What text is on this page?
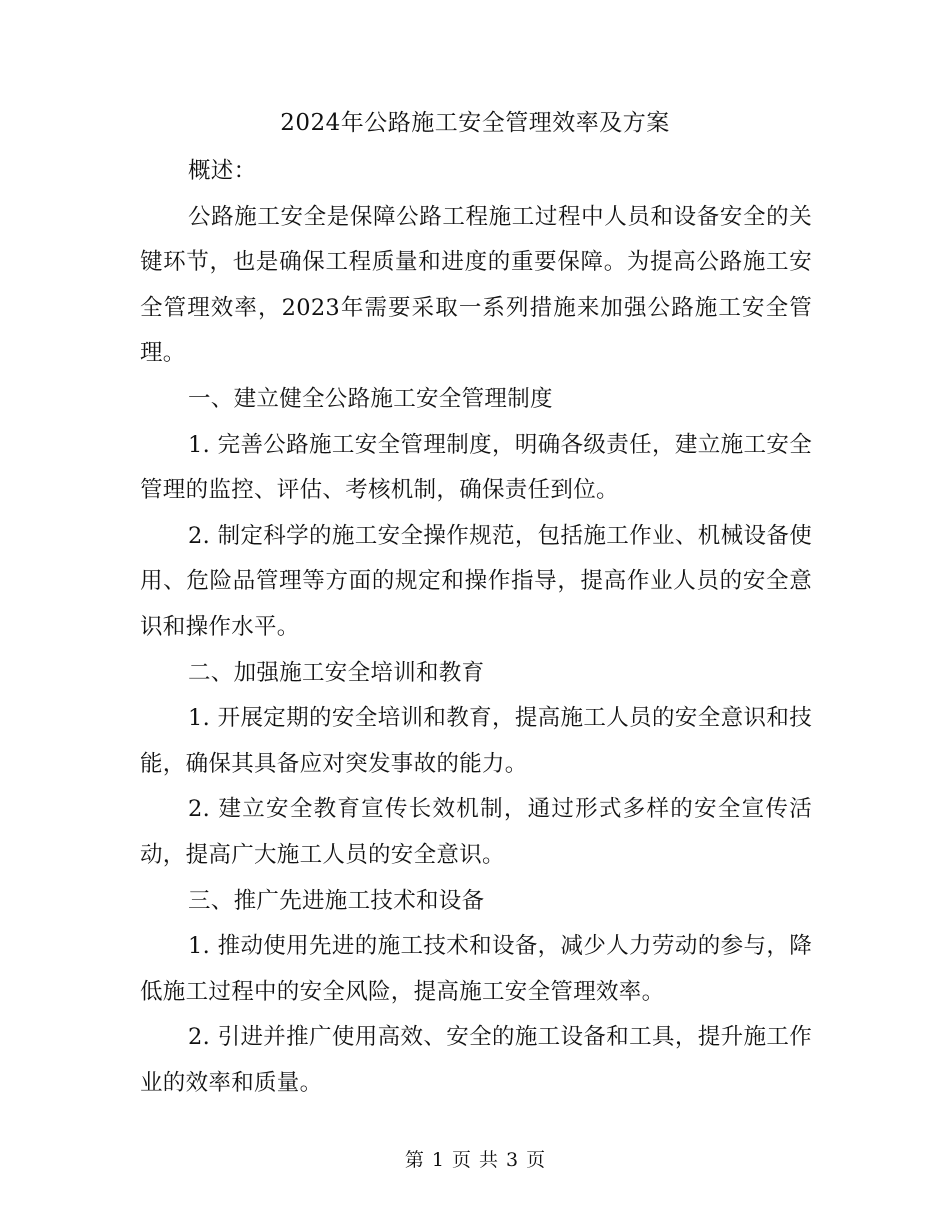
2024年公路施工安全管理效率及方案

概述：

公路施工安全是保障公路工程施工过程中人员和设备安全的关键环节，也是确保工程质量和进度的重要保障。为提高公路施工安全管理效率，2023年需要采取一系列措施来加强公路施工安全管理。

一、建立健全公路施工安全管理制度

1. 完善公路施工安全管理制度，明确各级责任，建立施工安全管理的监控、评估、考核机制，确保责任到位。

2. 制定科学的施工安全操作规范，包括施工作业、机械设备使用、危险品管理等方面的规定和操作指导，提高作业人员的安全意识和操作水平。

二、加强施工安全培训和教育

1. 开展定期的安全培训和教育，提高施工人员的安全意识和技能，确保其具备应对突发事故的能力。

2. 建立安全教育宣传长效机制，通过形式多样的安全宣传活动，提高广大施工人员的安全意识。

三、推广先进施工技术和设备

1. 推动使用先进的施工技术和设备，减少人力劳动的参与，降低施工过程中的安全风险，提高施工安全管理效率。

2. 引进并推广使用高效、安全的施工设备和工具，提升施工作业的效率和质量。

第 1 页 共 3 页
